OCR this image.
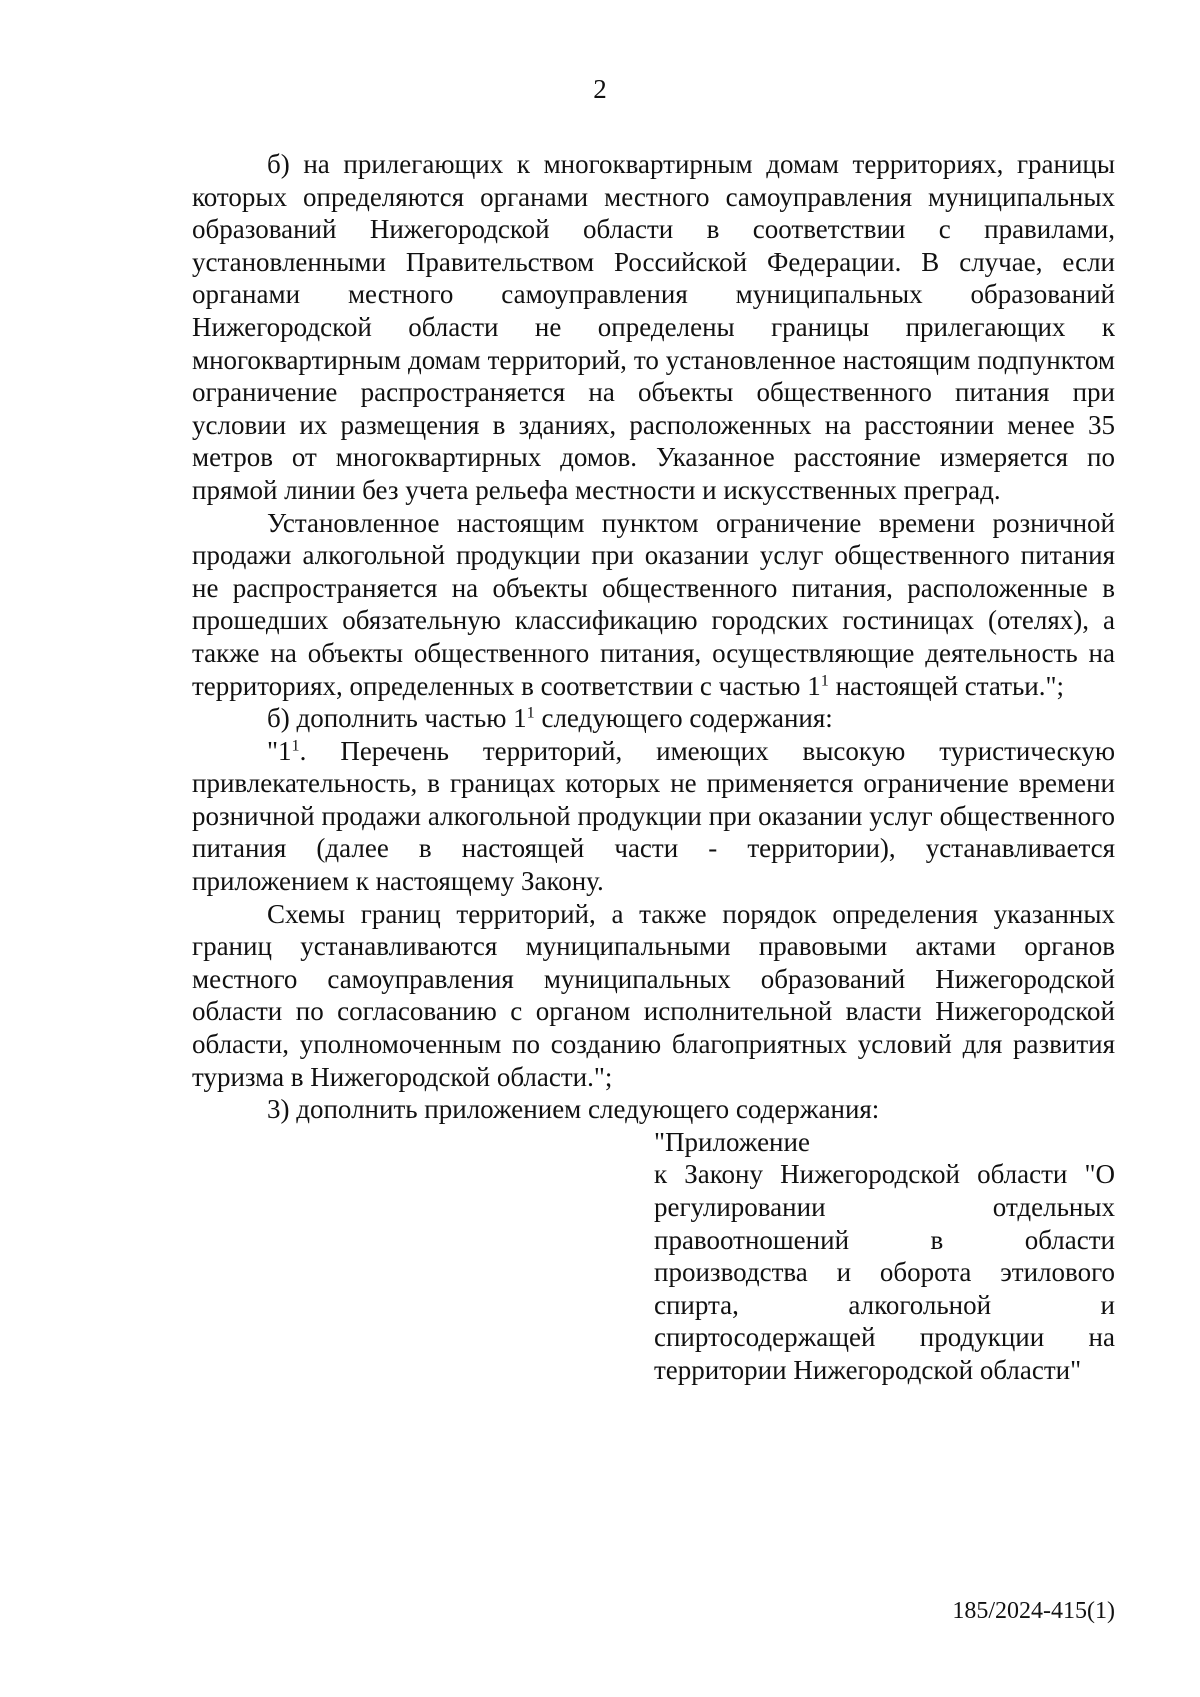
2

б) на прилегающих к многоквартирным домам территориях, границы которых определяются органами местного самоуправления муниципальных образований Нижегородской области в соответствии с правилами, установленными Правительством Российской Федерации. В случае, если органами местного самоуправления муниципальных образований Нижегородской области не определены границы прилегающих к многоквартирным домам территорий, то установленное настоящим подпунктом ограничение распространяется на объекты общественного питания при условии их размещения в зданиях, расположенных на расстоянии менее 35 метров от многоквартирных домов. Указанное расстояние измеряется по прямой линии без учета рельефа местности и искусственных преград.

Установленное настоящим пунктом ограничение времени розничной продажи алкогольной продукции при оказании услуг общественного питания не распространяется на объекты общественного питания, расположенные в прошедших обязательную классификацию городских гостиницах (отелях), а также на объекты общественного питания, осуществляющие деятельность на территориях, определенных в соответствии с частью $1^1$ настоящей статьи.";

б) дополнить частью $1^1$ следующего содержания:

"$1^1$. Перечень территорий, имеющих высокую туристическую привлекательность, в границах которых не применяется ограничение времени розничной продажи алкогольной продукции при оказании услуг общественного питания (далее в настоящей части - территории), устанавливается приложением к настоящему Закону.

Схемы границ территорий, а также порядок определения указанных границ устанавливаются муниципальными правовыми актами органов местного самоуправления муниципальных образований Нижегородской области по согласованию с органом исполнительной власти Нижегородской области, уполномоченным по созданию благоприятных условий для развития туризма в Нижегородской области.";

3) дополнить приложением следующего содержания:

"Приложение

к Закону Нижегородской области "О регулировании отдельных правоотношений в области производства и оборота этилового спирта, алкогольной и спиртосодержащей продукции на территории Нижегородской области"

185/2024-415(1)
